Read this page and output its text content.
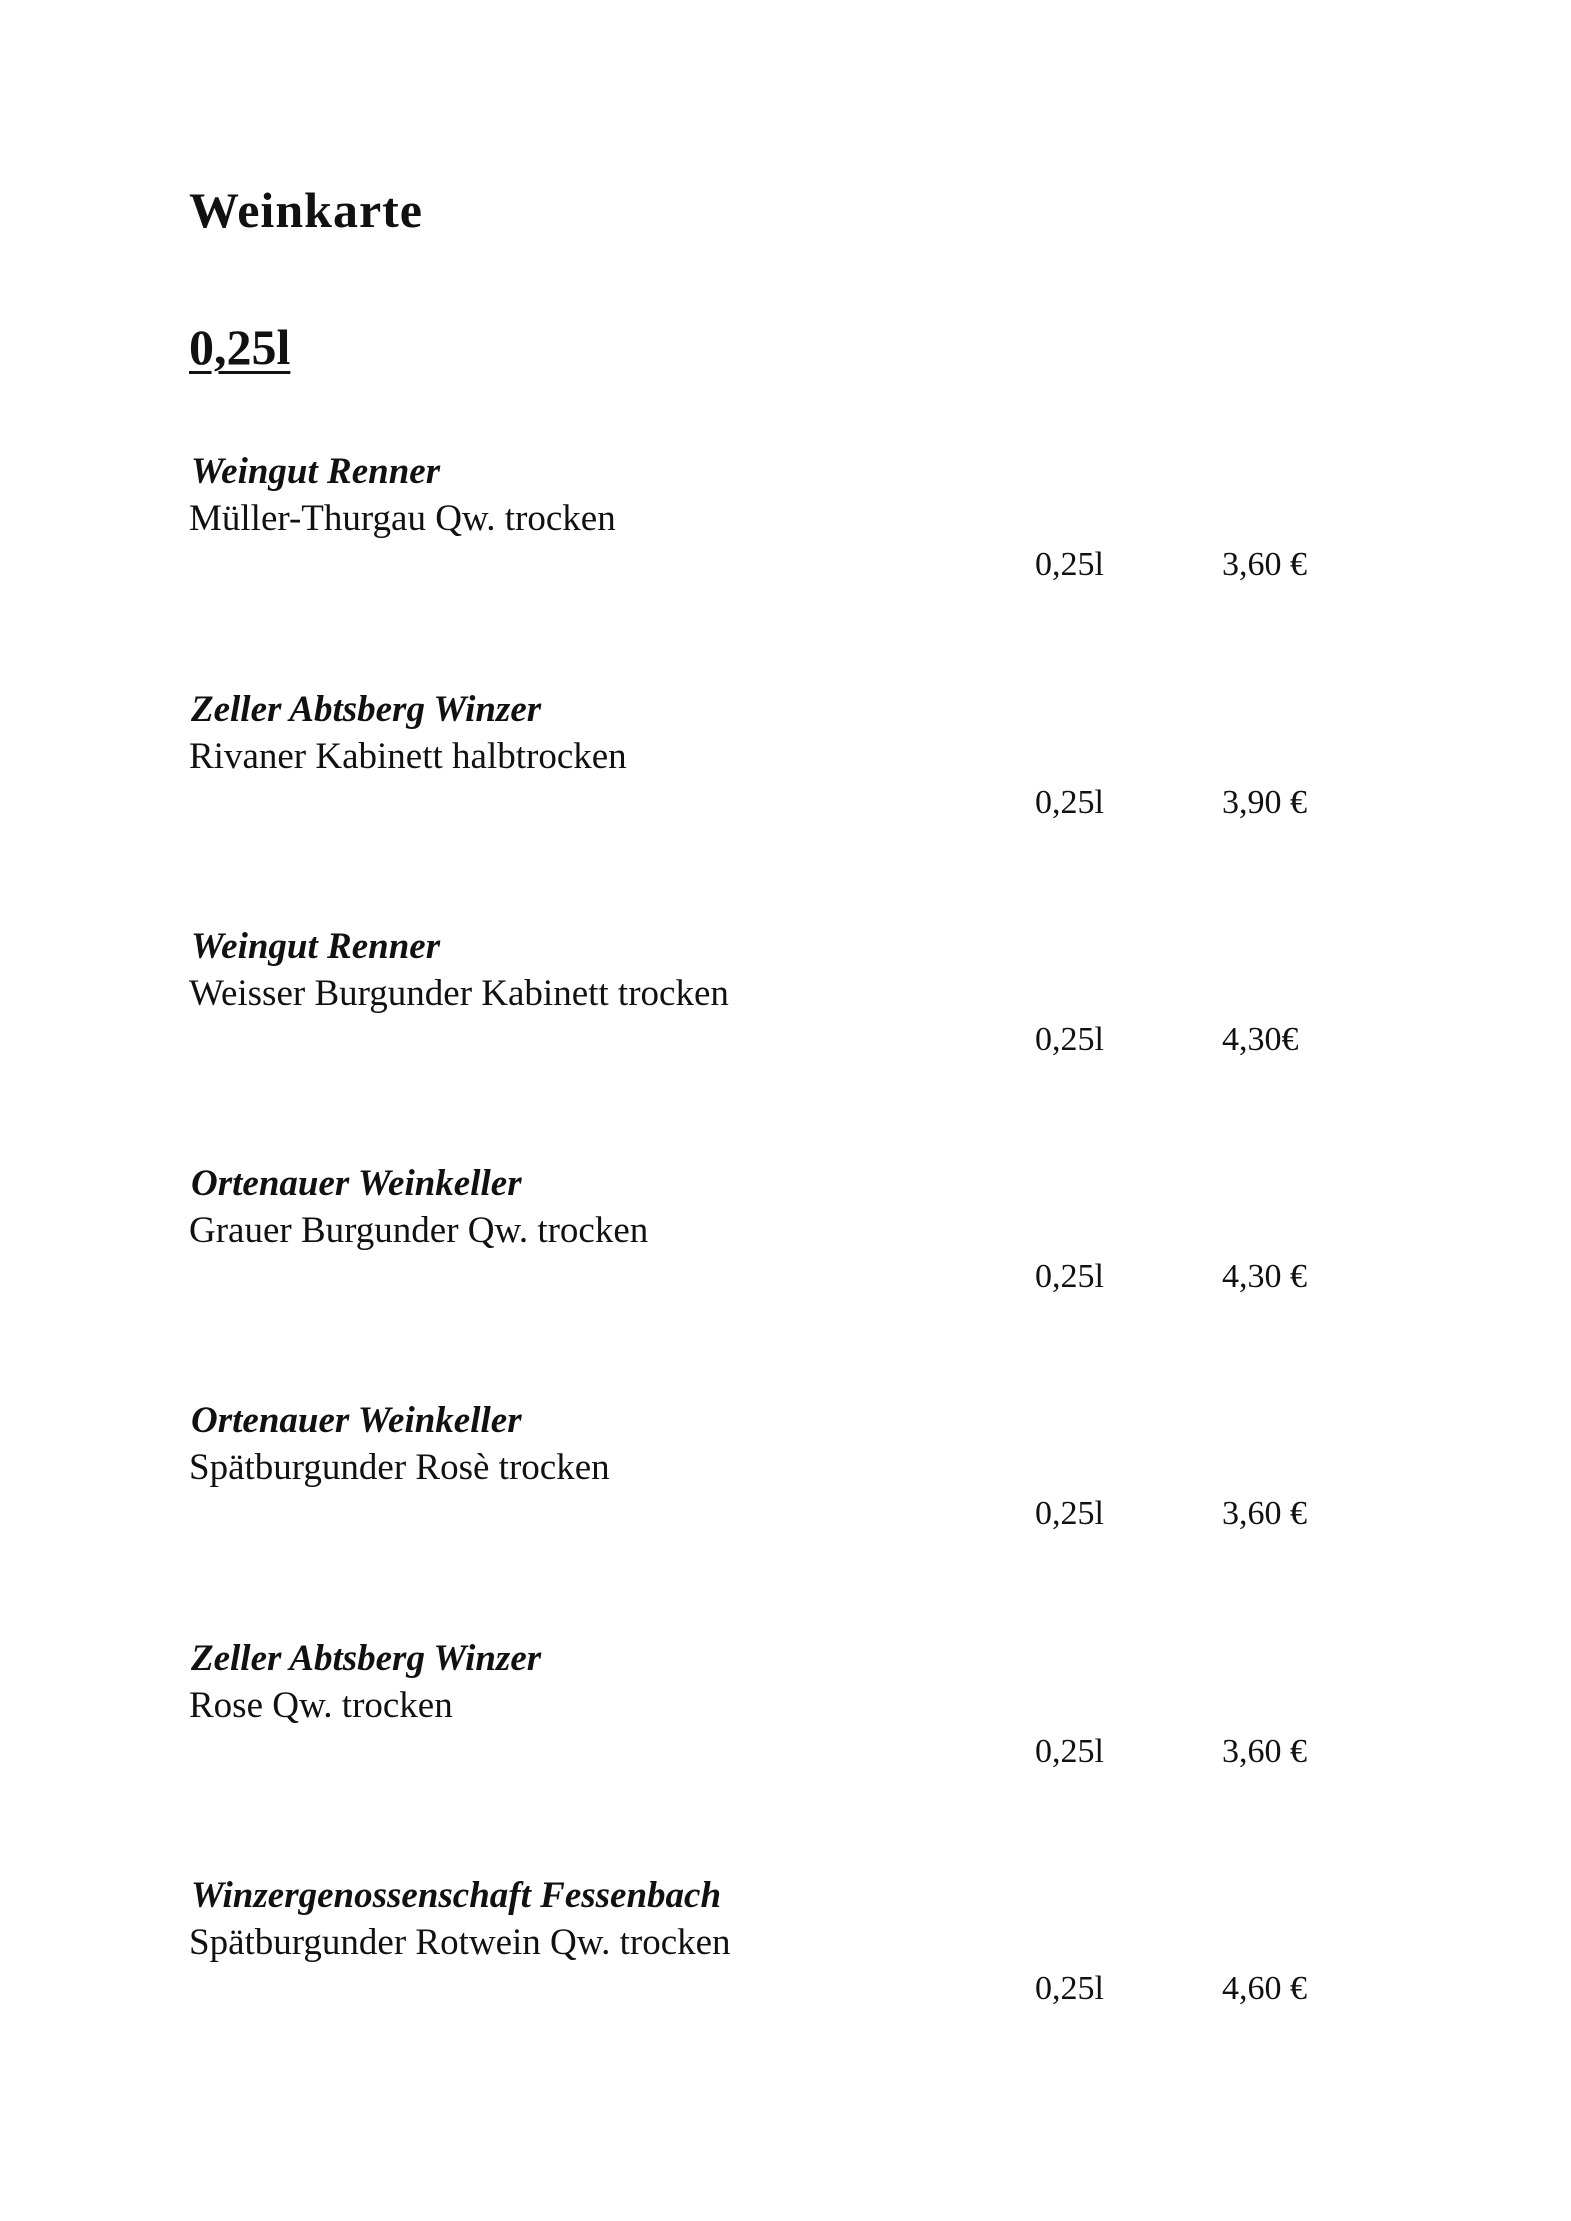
Weinkarte
0,25l
Weingut Renner
Müller-Thurgau Qw. trocken
0,25l	3,60 €
Zeller Abtsberg Winzer
Rivaner Kabinett halbtrocken
0,25l	3,90 €
Weingut Renner
Weisser Burgunder Kabinett trocken
0,25l	4,30€
Ortenauer Weinkeller
Grauer Burgunder Qw. trocken
0,25l	4,30 €
Ortenauer Weinkeller
Spätburgunder Rosè trocken
0,25l	3,60 €
Zeller Abtsberg Winzer
Rose Qw. trocken
0,25l	3,60 €
Winzergenossenschaft Fessenbach
Spätburgunder Rotwein Qw. trocken
0,25l	4,60 €
